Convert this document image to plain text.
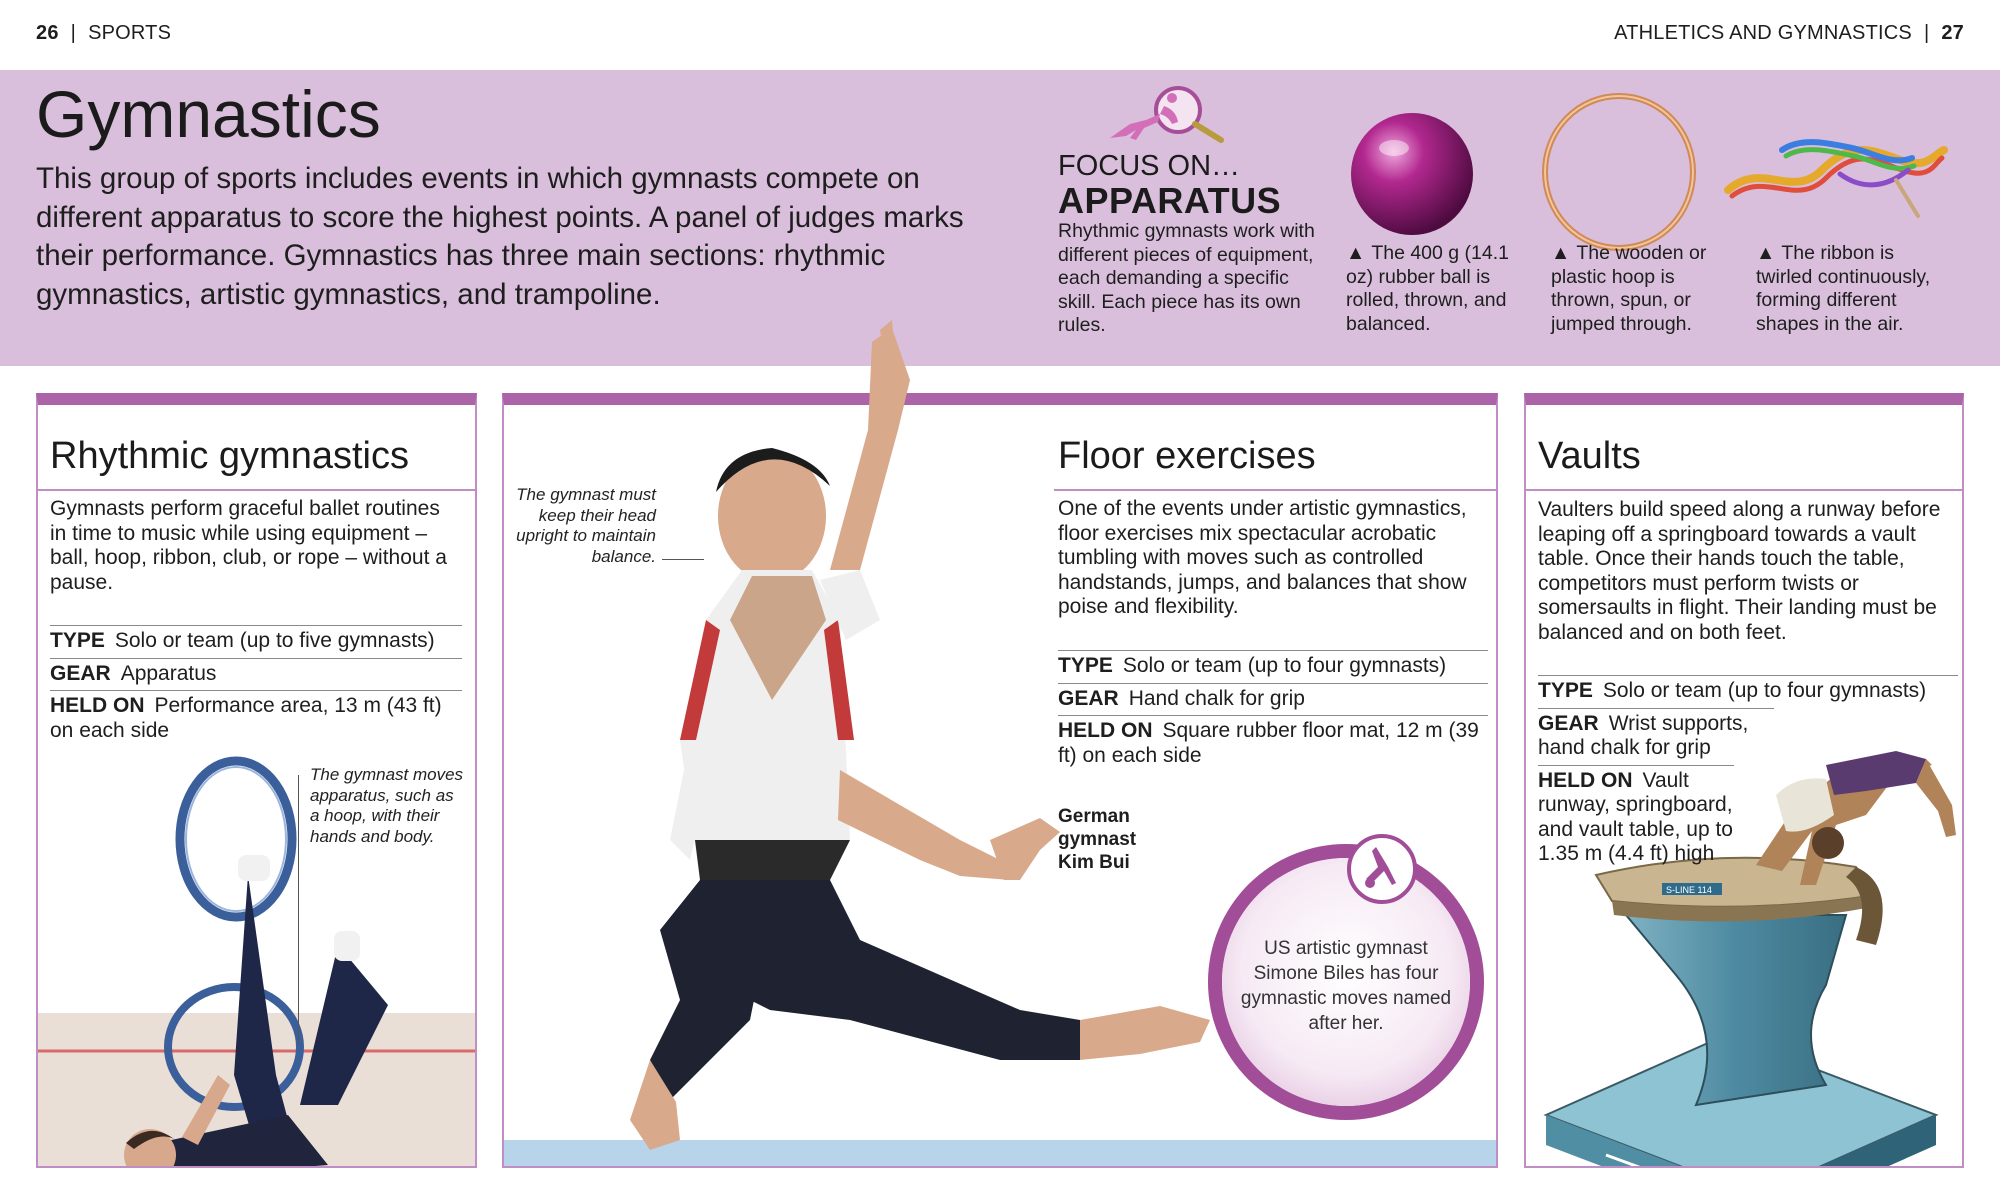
26 | SPORTS	ATHLETICS AND GYMNASTICS | 27
Gymnastics

This group of sports includes events in which gymnasts compete on different apparatus to score the highest points. A panel of judges marks their performance. Gymnastics has three main sections: rhythmic gymnastics, artistic gymnastics, and trampoline.

FOCUS ON…
APPARATUS

Rhythmic gymnasts work with different pieces of equipment, each demanding a specific skill. Each piece has its own rules.

▲ The 400 g (14.1 oz) rubber ball is rolled, thrown, and balanced.

▲ The wooden or plastic hoop is thrown, spun, or jumped through.

▲ The ribbon is twirled continuously, forming different shapes in the air.

Rhythmic gymnastics

Gymnasts perform graceful ballet routines in time to music while using equipment – ball, hoop, ribbon, club, or rope – without a pause.

TYPE Solo or team (up to five gymnasts)
GEAR Apparatus
HELD ON Performance area, 13 m (43 ft) on each side

The gymnast moves apparatus, such as a hoop, with their hands and body.

Floor exercises

One of the events under artistic gymnastics, floor exercises mix spectacular acrobatic tumbling with moves such as controlled handstands, jumps, and balances that show poise and flexibility.

TYPE Solo or team (up to four gymnasts)
GEAR Hand chalk for grip
HELD ON Square rubber floor mat, 12 m (39 ft) on each side

The gymnast must keep their head upright to maintain balance.

German gymnast Kim Bui

US artistic gymnast Simone Biles has four gymnastic moves named after her.

Vaults

Vaulters build speed along a runway before leaping off a springboard towards a vault table. Once their hands touch the table, competitors must perform twists or somersaults in flight. Their landing must be balanced and on both feet.

S-LINE 114
TYPE Solo or team (up to four gymnasts)
GEAR Wrist supports, hand chalk for grip
HELD ON Vault runway, springboard, and vault table, up to 1.35 m (4.4 ft) high
